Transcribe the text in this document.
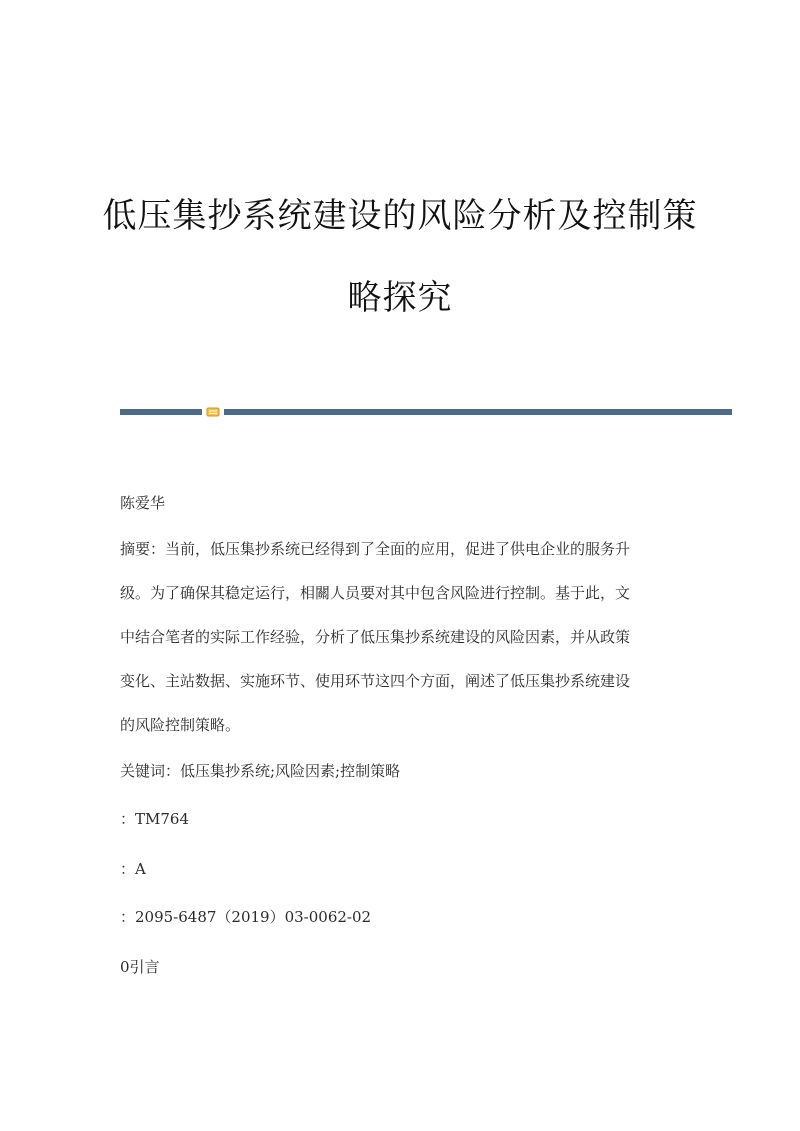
低压集抄系统建设的风险分析及控制策
略探究
陈爱华
摘要：当前，低压集抄系统已经得到了全面的应用，促进了供电企业的服务升
级。为了确保其稳定运行，相關人员要对其中包含风险进行控制。基于此，文
中结合笔者的实际工作经验，分析了低压集抄系统建设的风险因素，并从政策
变化、主站数据、实施环节、使用环节这四个方面，阐述了低压集抄系统建设
的风险控制策略。
关键词：低压集抄系统;风险因素;控制策略
：TM764
：A
：2095-6487（2019）03-0062-02
0引言
